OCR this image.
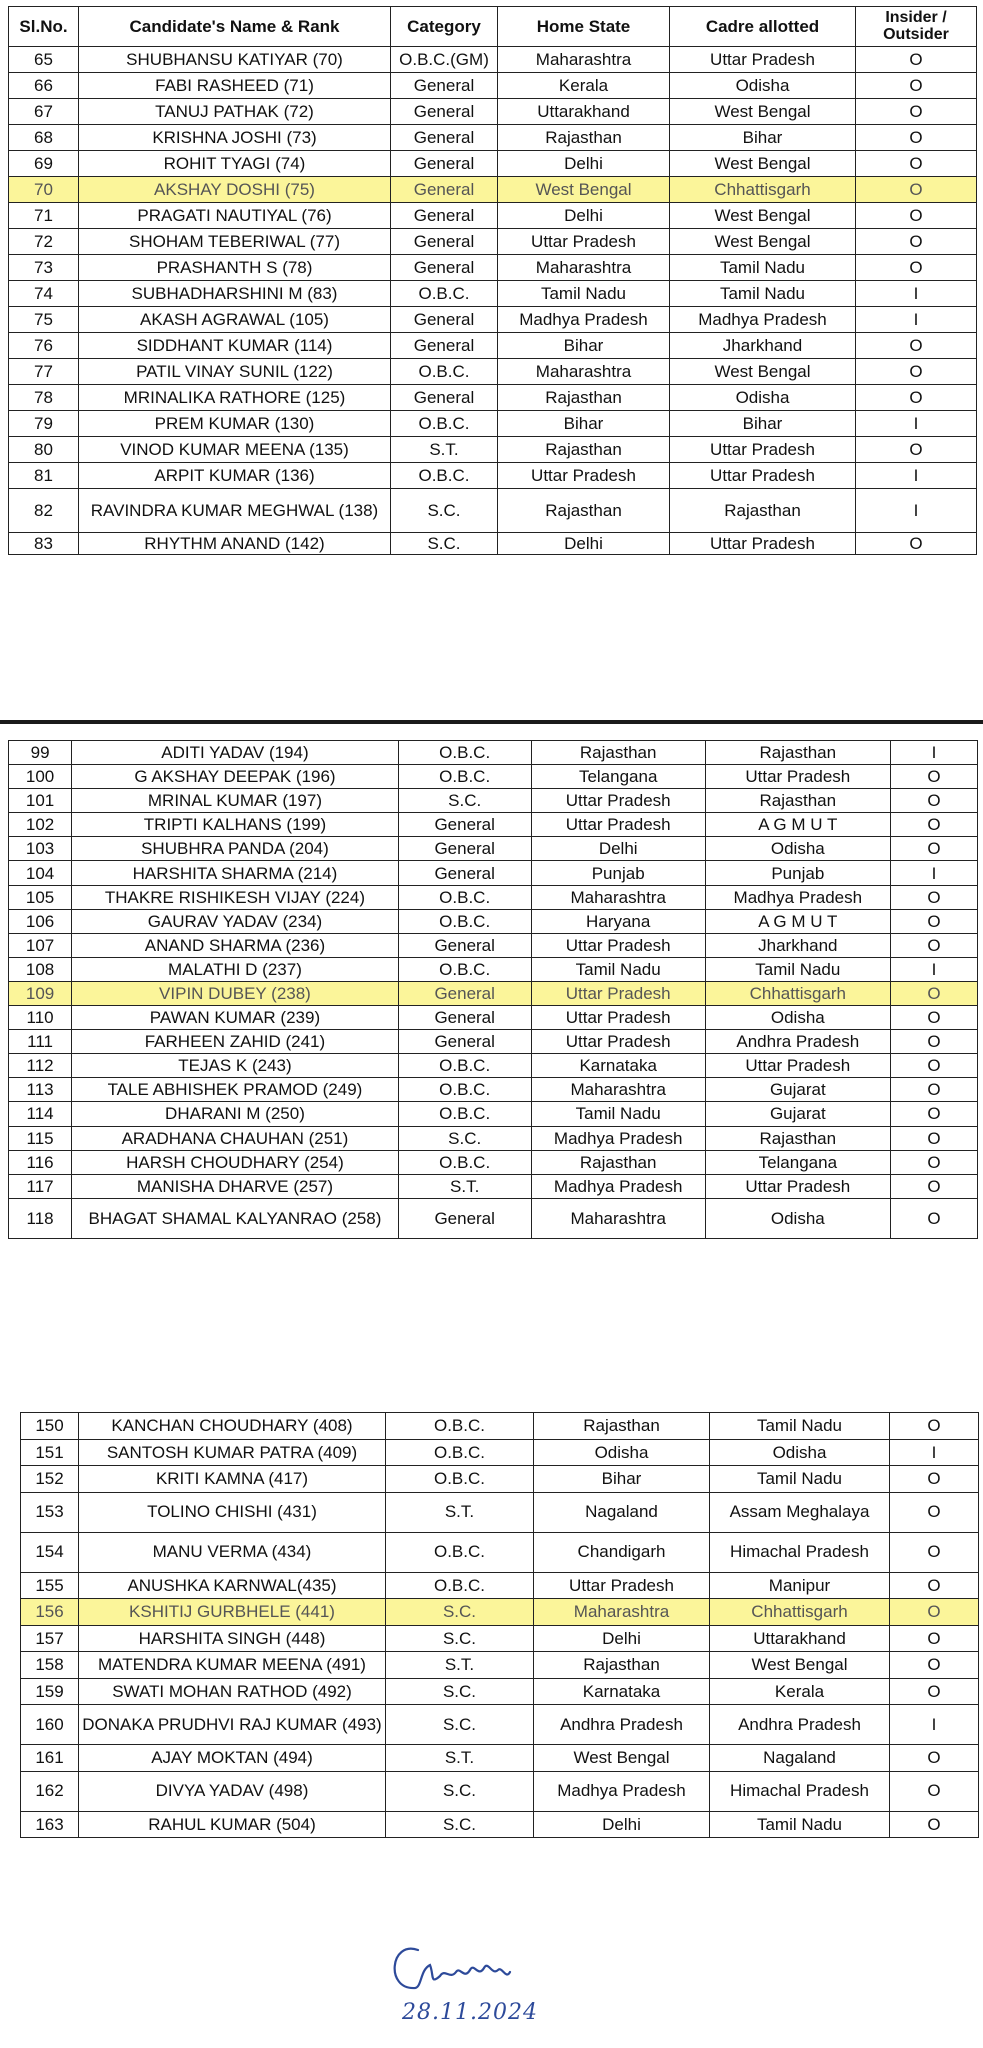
Sl.No.	Candidate's Name & Rank	Category	Home State	Cadre allotted	Insider /
Outsider
65	SHUBHANSU KATIYAR (70)	O.B.C.(GM)	Maharashtra	Uttar Pradesh	O
66	FABI RASHEED (71)	General	Kerala	Odisha	O
67	TANUJ PATHAK (72)	General	Uttarakhand	West Bengal	O
68	KRISHNA JOSHI (73)	General	Rajasthan	Bihar	O
69	ROHIT TYAGI (74)	General	Delhi	West Bengal	O
70	AKSHAY DOSHI (75)	General	West Bengal	Chhattisgarh	O
71	PRAGATI NAUTIYAL (76)	General	Delhi	West Bengal	O
72	SHOHAM TEBERIWAL (77)	General	Uttar Pradesh	West Bengal	O
73	PRASHANTH S (78)	General	Maharashtra	Tamil Nadu	O
74	SUBHADHARSHINI M (83)	O.B.C.	Tamil Nadu	Tamil Nadu	I
75	AKASH AGRAWAL (105)	General	Madhya Pradesh	Madhya Pradesh	I
76	SIDDHANT KUMAR (114)	General	Bihar	Jharkhand	O
77	PATIL VINAY SUNIL (122)	O.B.C.	Maharashtra	West Bengal	O
78	MRINALIKA RATHORE (125)	General	Rajasthan	Odisha	O
79	PREM KUMAR (130)	O.B.C.	Bihar	Bihar	I
80	VINOD KUMAR MEENA (135)	S.T.	Rajasthan	Uttar Pradesh	O
81	ARPIT KUMAR (136)	O.B.C.	Uttar Pradesh	Uttar Pradesh	I
82	RAVINDRA KUMAR MEGHWAL (138)	S.C.	Rajasthan	Rajasthan	I
83	RHYTHM ANAND (142)	S.C.	Delhi	Uttar Pradesh	O
99	ADITI YADAV (194)	O.B.C.	Rajasthan	Rajasthan	I
100	G AKSHAY DEEPAK (196)	O.B.C.	Telangana	Uttar Pradesh	O
101	MRINAL KUMAR (197)	S.C.	Uttar Pradesh	Rajasthan	O
102	TRIPTI KALHANS (199)	General	Uttar Pradesh	A G M U T	O
103	SHUBHRA PANDA (204)	General	Delhi	Odisha	O
104	HARSHITA SHARMA (214)	General	Punjab	Punjab	I
105	THAKRE RISHIKESH VIJAY (224)	O.B.C.	Maharashtra	Madhya Pradesh	O
106	GAURAV YADAV (234)	O.B.C.	Haryana	A G M U T	O
107	ANAND SHARMA (236)	General	Uttar Pradesh	Jharkhand	O
108	MALATHI D (237)	O.B.C.	Tamil Nadu	Tamil Nadu	I
109	VIPIN DUBEY (238)	General	Uttar Pradesh	Chhattisgarh	O
110	PAWAN KUMAR (239)	General	Uttar Pradesh	Odisha	O
111	FARHEEN ZAHID (241)	General	Uttar Pradesh	Andhra Pradesh	O
112	TEJAS K (243)	O.B.C.	Karnataka	Uttar Pradesh	O
113	TALE ABHISHEK PRAMOD (249)	O.B.C.	Maharashtra	Gujarat	O
114	DHARANI M (250)	O.B.C.	Tamil Nadu	Gujarat	O
115	ARADHANA CHAUHAN (251)	S.C.	Madhya Pradesh	Rajasthan	O
116	HARSH CHOUDHARY (254)	O.B.C.	Rajasthan	Telangana	O
117	MANISHA DHARVE (257)	S.T.	Madhya Pradesh	Uttar Pradesh	O
118	BHAGAT SHAMAL KALYANRAO (258)	General	Maharashtra	Odisha	O
150	KANCHAN CHOUDHARY (408)	O.B.C.	Rajasthan	Tamil Nadu	O
151	SANTOSH KUMAR PATRA (409)	O.B.C.	Odisha	Odisha	I
152	KRITI KAMNA (417)	O.B.C.	Bihar	Tamil Nadu	O
153	TOLINO CHISHI (431)	S.T.	Nagaland	Assam Meghalaya	O
154	MANU VERMA (434)	O.B.C.	Chandigarh	Himachal Pradesh	O
155	ANUSHKA KARNWAL(435)	O.B.C.	Uttar Pradesh	Manipur	O
156	KSHITIJ GURBHELE (441)	S.C.	Maharashtra	Chhattisgarh	O
157	HARSHITA SINGH (448)	S.C.	Delhi	Uttarakhand	O
158	MATENDRA KUMAR MEENA (491)	S.T.	Rajasthan	West Bengal	O
159	SWATI MOHAN RATHOD (492)	S.C.	Karnataka	Kerala	O
160	DONAKA PRUDHVI RAJ KUMAR (493)	S.C.	Andhra Pradesh	Andhra Pradesh	I
161	AJAY MOKTAN (494)	S.T.	West Bengal	Nagaland	O
162	DIVYA YADAV (498)	S.C.	Madhya Pradesh	Himachal Pradesh	O
163	RAHUL KUMAR (504)	S.C.	Delhi	Tamil Nadu	O
28.11.2024
